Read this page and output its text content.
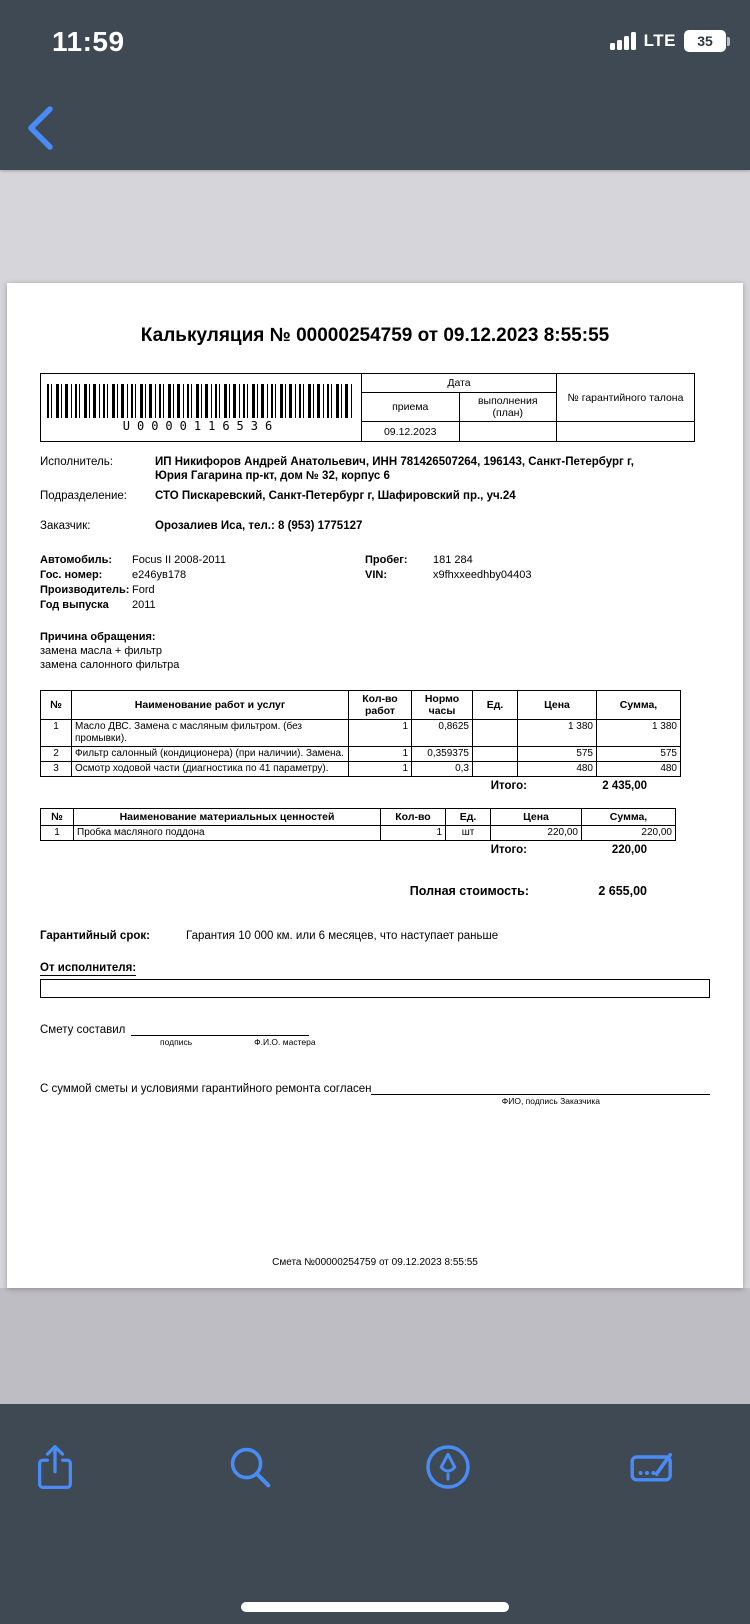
11:59	LTE 35
Калькуляция № 00000254759 от 09.12.2023 8:55:55
U0000116536	Дата		№ гарантийного талона
	приема	выполнения (план)	
	09.12.2023		
Исполнитель:	ИП Никифоров Андрей Анатольевич, ИНН 781426507264, 196143, Санкт-Петербург г, Юрия Гагарина пр-кт, дом № 32, корпус 6
Подразделение:	СТО Пискаревский, Санкт-Петербург г, Шафировский пр., уч.24
Заказчик:	Орозалиев Иса, тел.: 8 (953) 1775127
Автомобиль:	Focus II 2008-2011	Пробег:	181 284
Гос. номер:	е246ув178	VIN:	x9fhxxeedhby04403
Производитель: Ford
Год выпуска	2011
Причина обращения:
замена масла + фильтр
замена салонного фильтра
№	Наименование работ и услуг	Кол-во работ	Нормо часы	Ед.	Цена	Сумма,
1	Масло ДВС. Замена с масляным фильтром. (без промывки).	1	0,8625		1 380	1 380
2	Фильтр салонный (кондиционера) (при наличии). Замена.	1	0,359375		575	575
3	Осмотр ходовой части (диагностика по 41 параметру).	1	0,3		480	480
Итого:	2 435,00
№	Наименование материальных ценностей	Кол-во	Ед.	Цена	Сумма,
1	Пробка масляного поддона	1	шт	220,00	220,00
Итого:	220,00
Полная стоимость:	2 655,00
Гарантийный срок:	Гарантия 10 000 км. или 6 месяцев, что наступает раньше
От исполнителя:
Смету составил
подпись	Ф.И.О. мастера
С суммой сметы и условиями гарантийного ремонта согласен
ФИО, подпись Заказчика
Смета №00000254759 от 09.12.2023 8:55:55
